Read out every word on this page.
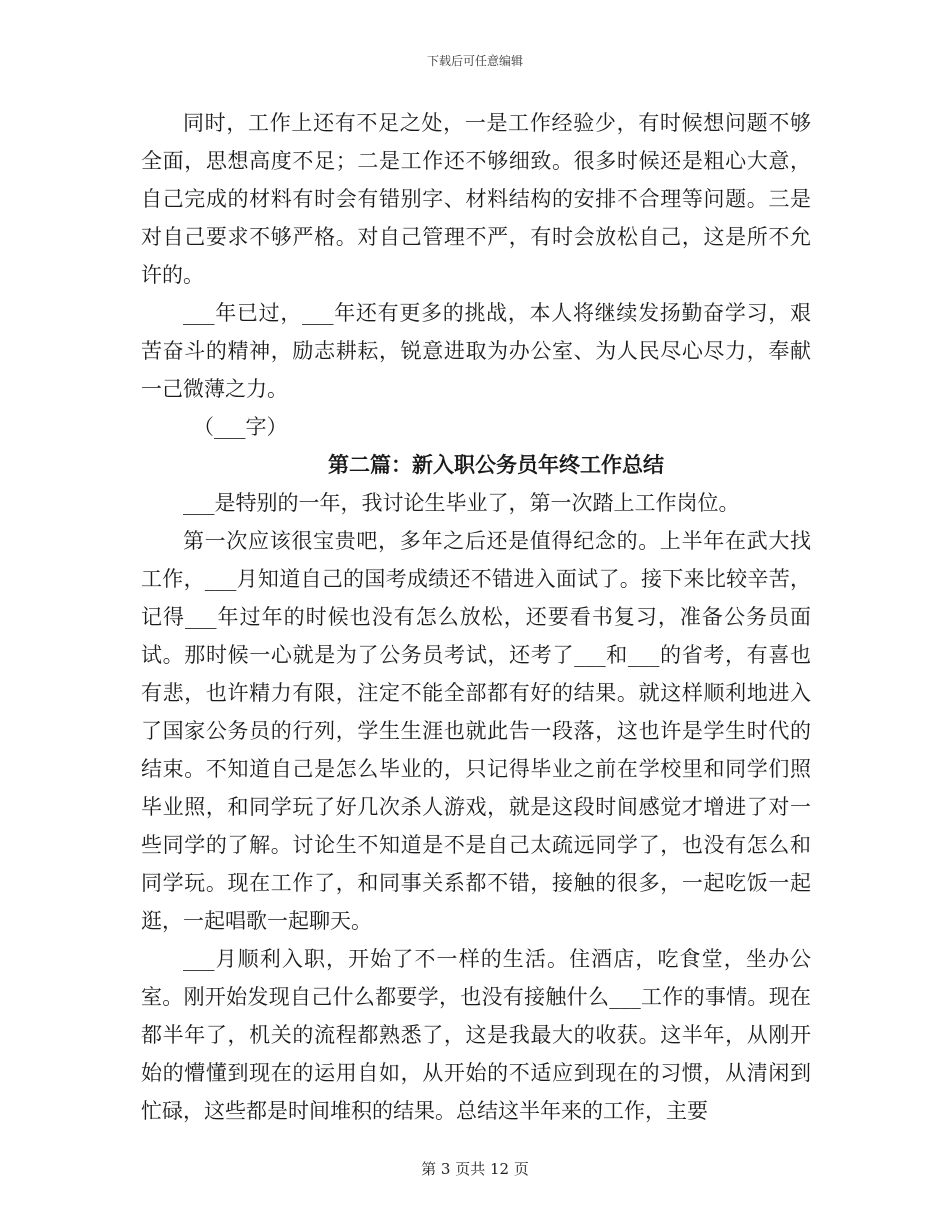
下载后可任意编辑

同时，工作上还有不足之处，一是工作经验少，有时候想问题不够全面，思想高度不足；二是工作还不够细致。很多时候还是粗心大意，自己完成的材料有时会有错别字、材料结构的安排不合理等问题。三是对自己要求不够严格。对自己管理不严，有时会放松自己，这是所不允许的。

___年已过，___年还有更多的挑战，本人将继续发扬勤奋学习，艰苦奋斗的精神，励志耕耘，锐意进取为办公室、为人民尽心尽力，奉献一己微薄之力。

（___字）

第二篇：新入职公务员年终工作总结

___是特别的一年，我讨论生毕业了，第一次踏上工作岗位。

第一次应该很宝贵吧，多年之后还是值得纪念的。上半年在武大找工作，___月知道自己的国考成绩还不错进入面试了。接下来比较辛苦，记得___年过年的时候也没有怎么放松，还要看书复习，准备公务员面试。那时候一心就是为了公务员考试，还考了___和___的省考，有喜也有悲，也许精力有限，注定不能全部都有好的结果。就这样顺利地进入了国家公务员的行列，学生生涯也就此告一段落，这也许是学生时代的结束。不知道自己是怎么毕业的，只记得毕业之前在学校里和同学们照毕业照，和同学玩了好几次杀人游戏，就是这段时间感觉才增进了对一些同学的了解。讨论生不知道是不是自己太疏远同学了，也没有怎么和同学玩。现在工作了，和同事关系都不错，接触的很多，一起吃饭一起逛，一起唱歌一起聊天。

___月顺利入职，开始了不一样的生活。住酒店，吃食堂，坐办公室。刚开始发现自己什么都要学，也没有接触什么___工作的事情。现在都半年了，机关的流程都熟悉了，这是我最大的收获。这半年，从刚开始的懵懂到现在的运用自如，从开始的不适应到现在的习惯，从清闲到忙碌，这些都是时间堆积的结果。总结这半年来的工作，主要

第 3 页共 12 页
